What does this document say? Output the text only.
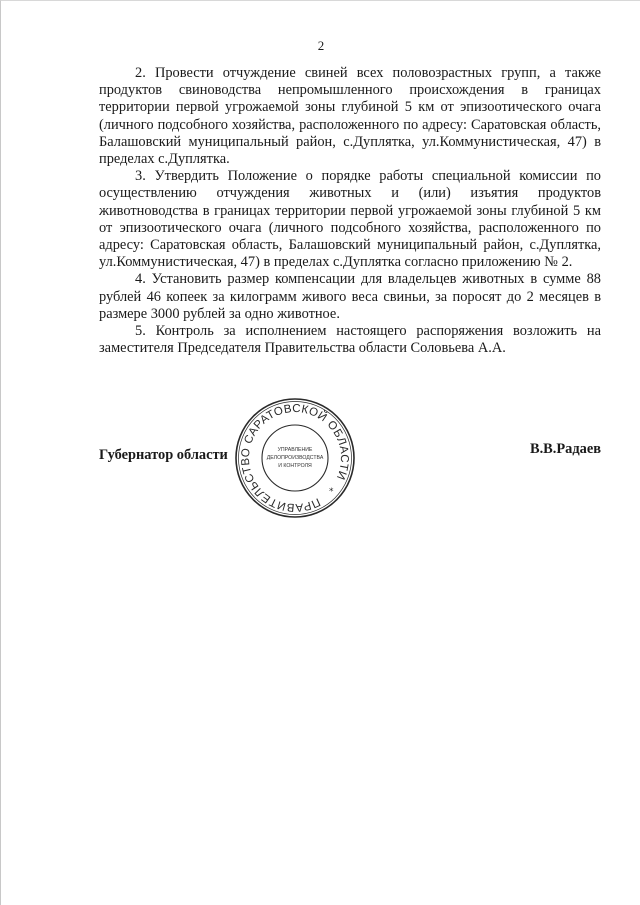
2

2. Провести отчуждение свиней всех половозрастных групп, а также продуктов свиноводства непромышленного происхождения в границах территории первой угрожаемой зоны глубиной 5 км от эпизоотического очага (личного подсобного хозяйства, расположенного по адресу: Саратовская область, Балашовский муниципальный район, с.Дуплятка, ул.Коммунистическая, 47) в пределах с.Дуплятка.

3. Утвердить Положение о порядке работы специальной комиссии по осуществлению отчуждения животных и (или) изъятия продуктов животноводства в границах территории первой угрожаемой зоны глубиной 5 км от эпизоотического очага (личного подсобного хозяйства, расположенного по адресу: Саратовская область, Балашовский муниципальный район, с.Дуплятка, ул.Коммунистическая, 47) в пределах с.Дуплятка согласно приложению № 2.

4. Установить размер компенсации для владельцев животных в сумме 88 рублей 46 копеек за килограмм живого веса свиньи, за поросят до 2 месяцев в размере 3000 рублей за одно животное.

5. Контроль за исполнением настоящего распоряжения возложить на заместителя Председателя Правительства области Соловьева А.А.

Губернатор области	В.В.Радаев
ПРАВИТЕЛЬСТВО САРАТОВСКОЙ ОБЛАСТИ
*
УПРАВЛЕНИЕ
ДЕЛОПРОИЗВОДСТВА
И КОНТРОЛЯ
